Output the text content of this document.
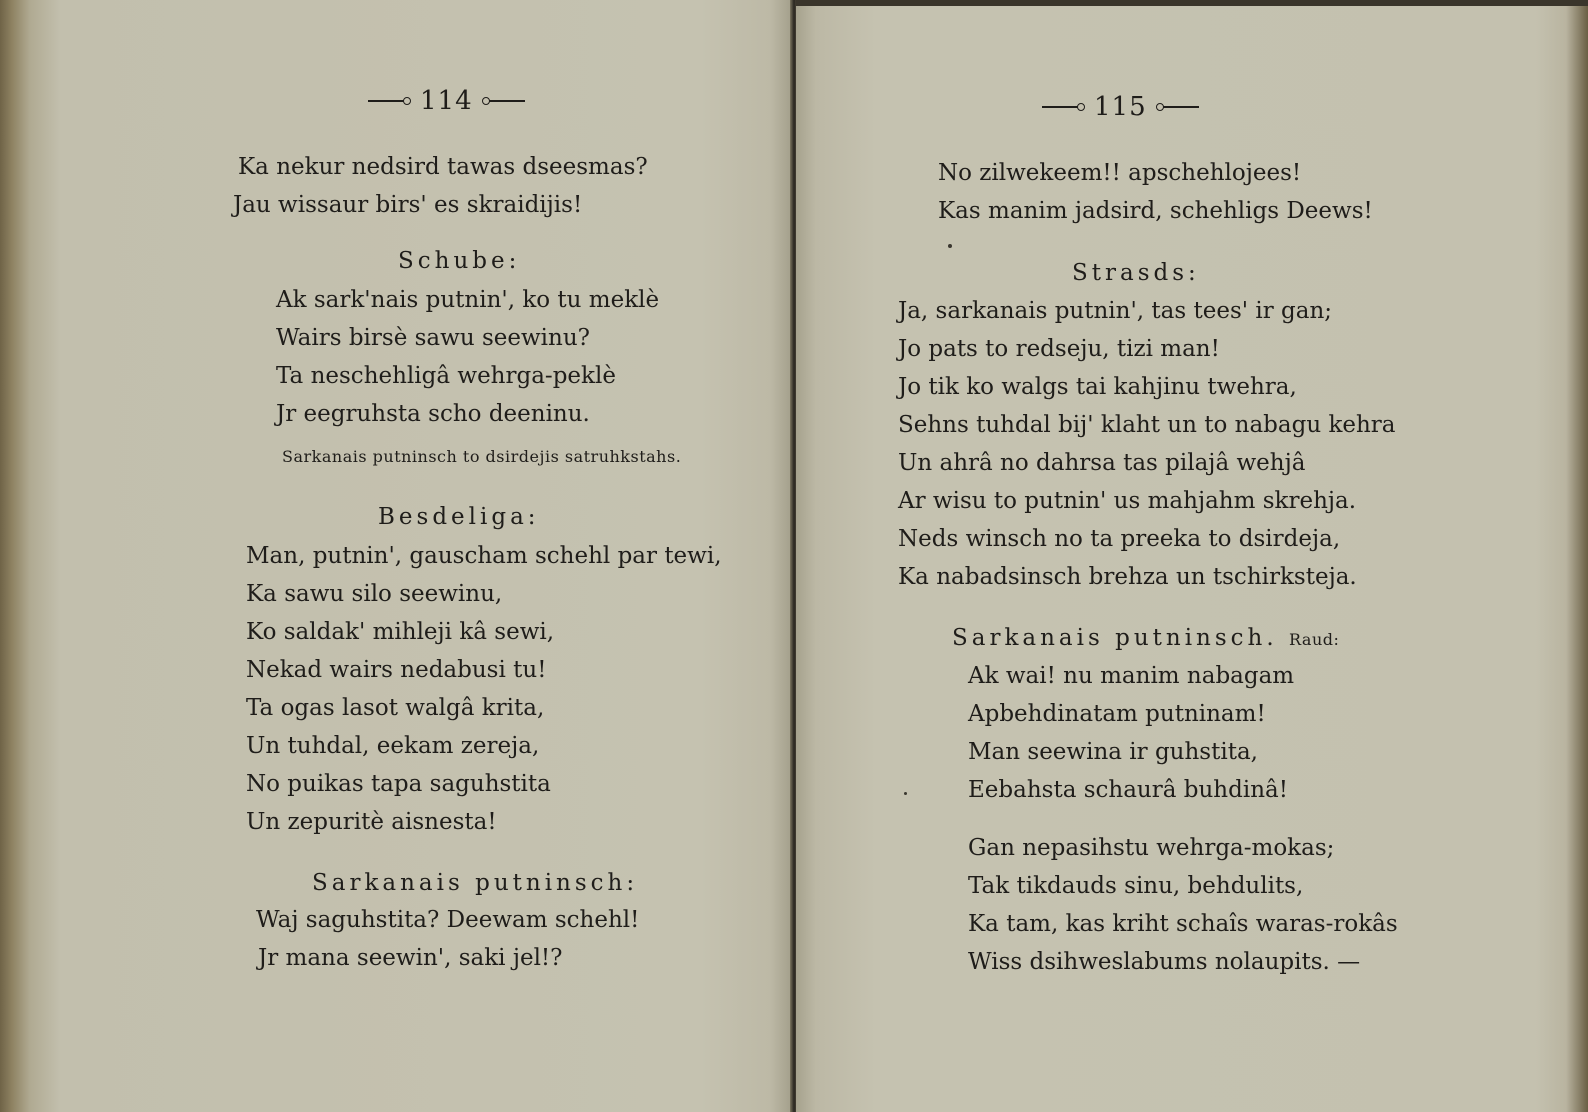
114
Ka nekur nedsird tawas dseesmas?
Jau wissaur birs' es skraidijis!
Schube:
Ak sark'nais putnin', ko tu meklè
Wairs birsè sawu seewinu?
Ta neschehligâ wehrga-peklè
Jr eegruhsta scho deeninu.
Sarkanais putninsch to dsirdejis satruhkstahs.
Besdeliga:
Man, putnin', gauscham schehl par tewi,
Ka sawu silo seewinu,
Ko saldak' mihleji kâ sewi,
Nekad wairs nedabusi tu!
Ta ogas lasot walgâ krita,
Un tuhdal, eekam zereja,
No puikas tapa saguhstita
Un zepuritè aisnesta!
Sarkanais putninsch:
Waj saguhstita? Deewam schehl!
Jr mana seewin', saki jel!?
115
No zilwekeem!! apschehlojees!
Kas manim jadsird, schehligs Deews!
Strasds:
Ja, sarkanais putnin', tas tees' ir gan;
Jo pats to redseju, tizi man!
Jo tik ko walgs tai kahjinu twehra,
Sehns tuhdal bij' klaht un to nabagu kehra
Un ahrâ no dahrsa tas pilajâ wehjâ
Ar wisu to putnin' us mahjahm skrehja.
Neds winsch no ta preeka to dsirdeja,
Ka nabadsinsch brehza un tschirksteja.
Sarkanais putninsch. Raud:
Ak wai! nu manim nabagam
Apbehdinatam putninam!
Man seewina ir guhstita,
Eebahsta schaurâ buhdinâ!
Gan nepasihstu wehrga-mokas;
Tak tikdauds sinu, behdulits,
Ka tam, kas kriht schaîs waras-rokâs
Wiss dsihweslabums nolaupits. —
